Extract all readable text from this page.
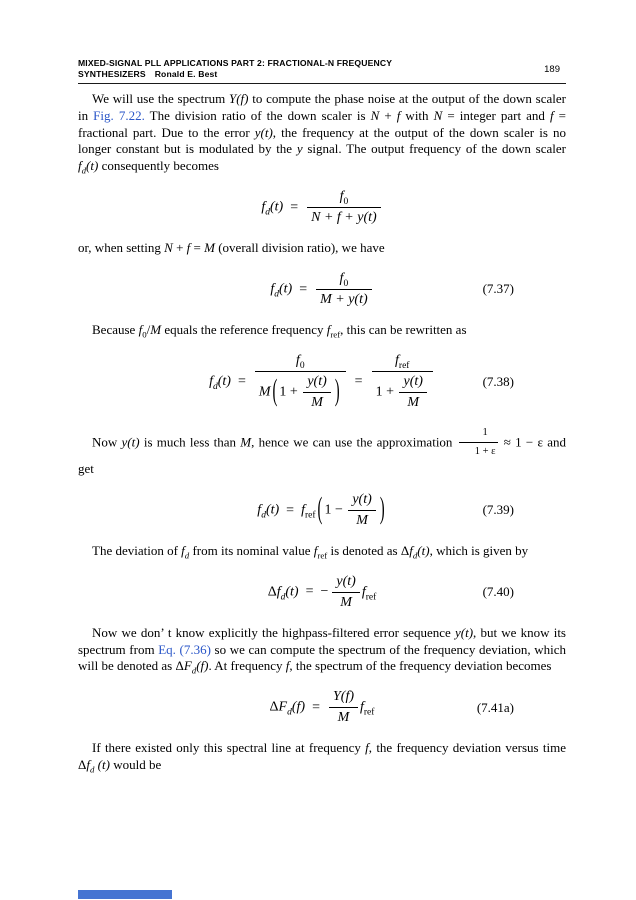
MIXED-SIGNAL PLL APPLICATIONS PART 2: FRACTIONAL-N FREQUENCY
SYNTHESIZERS Ronald E. Best	189

We will use the spectrum Y(f) to compute the phase noise at the output of the down scaler in Fig. 7.22. The division ratio of the down scaler is N + f with N = integer part and f = fractional part. Due to the error y(t), the frequency at the output of the down scaler is no longer constant but is modulated by the y signal. The output frequency of the down scaler $f_d(t)$ consequently becomes

$f_d(t) = \frac{f_0}{N + f + y(t)}$

or, when setting N + f = M (overall division ratio), we have

$f_d(t) = \frac{f_0}{M + y(t)}$	(7.37)

Because $f_0/M$ equals the reference frequency $f_{ref}$, this can be rewritten as

$f_d(t) = \frac{f_0}{M ( 1 + \frac{y(t)}{M} )} = \frac{f_{ref}}{1 + \frac{y(t)}{M}}$	(7.38)

Now y(t) is much less than M, hence we can use the approximation $\frac{1}{1 + \varepsilon} \approx 1 - \varepsilon$ and get

$f_d(t) = f_{ref}$ ( $1 - \frac{y(t)}{M}$ )	(7.39)

The deviation of $f_d$ from its nominal value $f_{ref}$ is denoted as $\Delta f_d(t)$, which is given by

$\Delta f_d(t)$ = − $\frac{y(t)}{M} f_{ref}$	(7.40)

Now we don’ t know explicitly the highpass-filtered error sequence y(t), but we know its spectrum from Eq. (7.36) so we can compute the spectrum of the frequency deviation, which will be denoted as $\Delta F_d(f)$. At frequency f, the spectrum of the frequency deviation becomes

$\Delta F_d(f) = \frac{Y(f)}{M} f_{ref}$	(7.41a)

If there existed only this spectral line at frequency f, the frequency deviation versus time $\Delta f_d$ (t) would be
